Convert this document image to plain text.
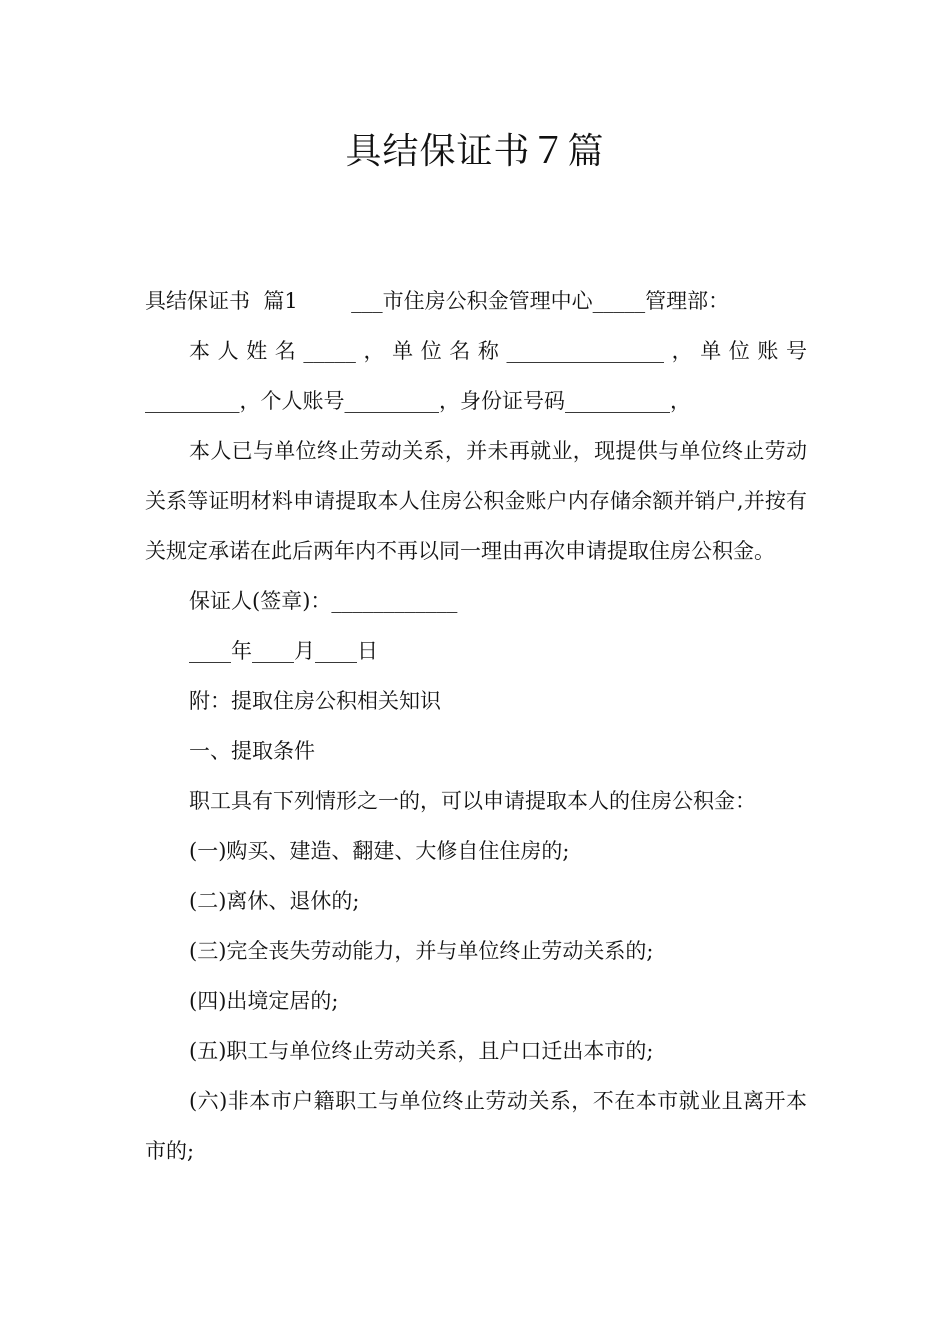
具结保证书７篇

具结保证书  篇1        ___市住房公积金管理中心_____管理部：

本人姓名_____，单位名称_______________，单位账号_________，个人账号_________，身份证号码__________，

本人已与单位终止劳动关系，并未再就业，现提供与单位终止劳动关系等证明材料申请提取本人住房公积金账户内存储余额并销户,并按有关规定承诺在此后两年内不再以同一理由再次申请提取住房公积金。

保证人(签章)：____________

____年____月____日

附：提取住房公积相关知识

一、提取条件

职工具有下列情形之一的，可以申请提取本人的住房公积金：

(一)购买、建造、翻建、大修自住住房的;

(二)离休、退休的;

(三)完全丧失劳动能力，并与单位终止劳动关系的;

(四)出境定居的;

(五)职工与单位终止劳动关系，且户口迁出本市的;

(六)非本市户籍职工与单位终止劳动关系，不在本市就业且离开本市的;
